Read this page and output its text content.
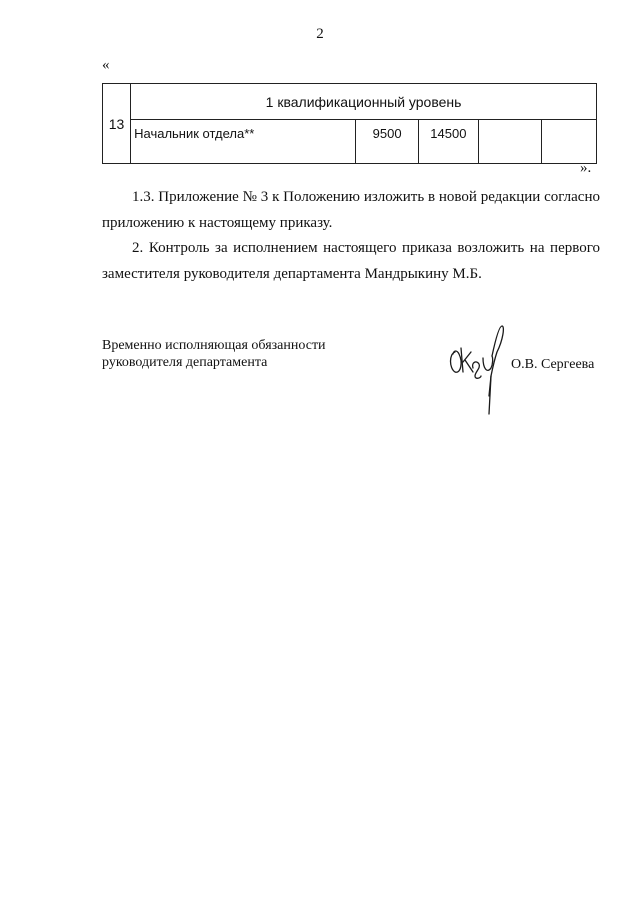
2
«
13	1 квалификационный уровень				
	Начальник отдела**	9500	14500		
».

1.3. Приложение № 3 к Положению изложить в новой редакции согласно приложению к настоящему приказу.

2. Контроль за исполнением настоящего приказа возложить на первого заместителя руководителя департамента Мандрыкину М.Б.

Временно исполняющая обязанности
руководителя департамента	О.В. Сергеева
